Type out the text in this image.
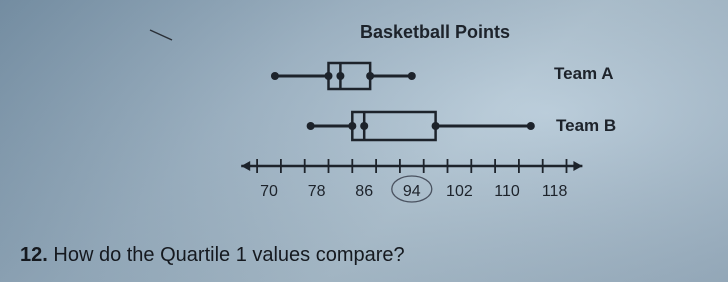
70 78 86 94 102 110 118
Basketball Points
Team A
Team B
12. How do the Quartile 1 values compare?
